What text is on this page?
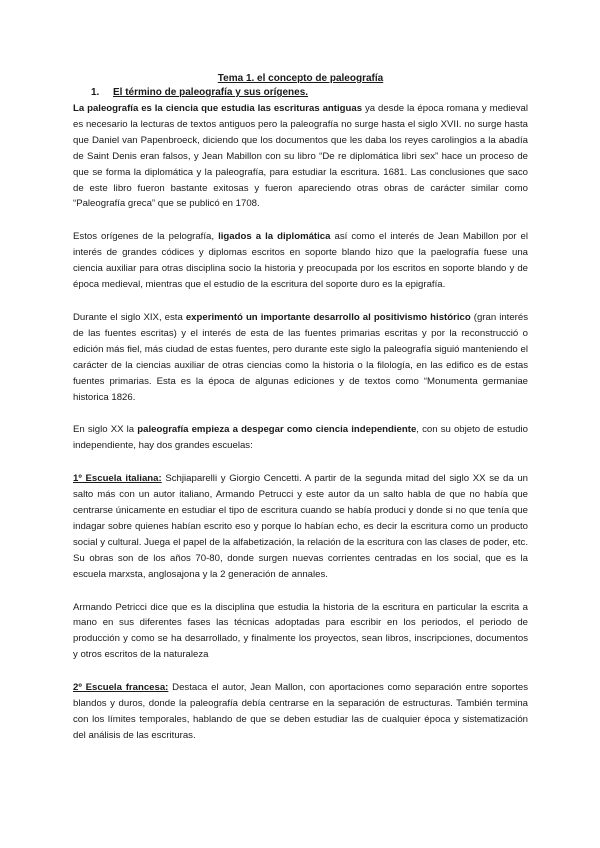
Tema 1. el concepto de paleografía
1. El término de paleografía y sus orígenes.

La paleografía es la ciencia que estudia las escrituras antiguas ya desde la época romana y medieval es necesario la lecturas de textos antiguos pero la paleografía no surge hasta el siglo XVII. no surge hasta que Daniel van Papenbroeck, diciendo que los documentos que les daba los reyes carolingios a la abadía de Saint Denis eran falsos, y Jean Mabillon con su libro “De re diplomática libri sex” hace un proceso de que se forma la diplomática y la paleografía, para estudiar la escritura. 1681. Las conclusiones que saco de este libro fueron bastante exitosas y fueron apareciendo otras obras de carácter similar como “Paleografía greca” que se publicó en 1708.

Estos orígenes de la pelografía, ligados a la diplomática así como el interés de Jean Mabillon por el interés de grandes códices y diplomas escritos en soporte blando hizo que la paelografía fuese una ciencia auxiliar para otras disciplina socio la historia y preocupada por los escritos en soporte blando y de época medieval, mientras que el estudio de la escritura del soporte duro es la epigrafía.

Durante el siglo XIX, esta experimentó un importante desarrollo al positivismo histórico (gran interés de las fuentes escritas) y el interés de esta de las fuentes primarias escritas y por la reconstrucció o edición más fiel, más ciudad de estas fuentes, pero durante este siglo la paleografía siguió manteniendo el carácter de la ciencias auxiliar de otras ciencias como la historia o la filología, en las edifico es de estas fuentes primarias. Esta es la época de algunas ediciones y de textos como “Monumenta germaniae historica 1826.

En siglo XX la paleografía empieza a despegar como ciencia independiente, con su objeto de estudio independiente, hay dos grandes escuelas:

1º Escuela italiana: Schjiaparelli y Giorgio Cencetti. A partir de la segunda mitad del siglo XX se da un salto más con un autor italiano, Armando Petrucci y este autor da un salto habla de que no había que centrarse únicamente en estudiar el tipo de escritura cuando se había produci y donde si no que tenía que indagar sobre quienes habían escrito eso y porque lo habían echo, es decir la escritura como un producto social y cultural. Juega el papel de la alfabetización, la relación de la escritura con las clases de poder, etc. Su obras son de los años 70-80, donde surgen nuevas corrientes centradas en los social, que es la escuela marxsta, anglosajona y la 2 generación de annales.

Armando Petricci dice que es la disciplina que estudia la historia de la escritura en particular la escrita a mano en sus diferentes fases las técnicas adoptadas para escribir en los periodos, el periodo de producción y como se ha desarrollado, y finalmente los proyectos, sean libros, inscripciones, documentos y otros escritos de la naturaleza

2º Escuela francesa: Destaca el autor, Jean Mallon, con aportaciones como separación entre soportes blandos y duros, donde la paleografía debía centrarse en la separación de estructuras. También termina con los límites temporales, hablando de que se deben estudiar las de cualquier época y sistematización del análisis de las escrituras.
